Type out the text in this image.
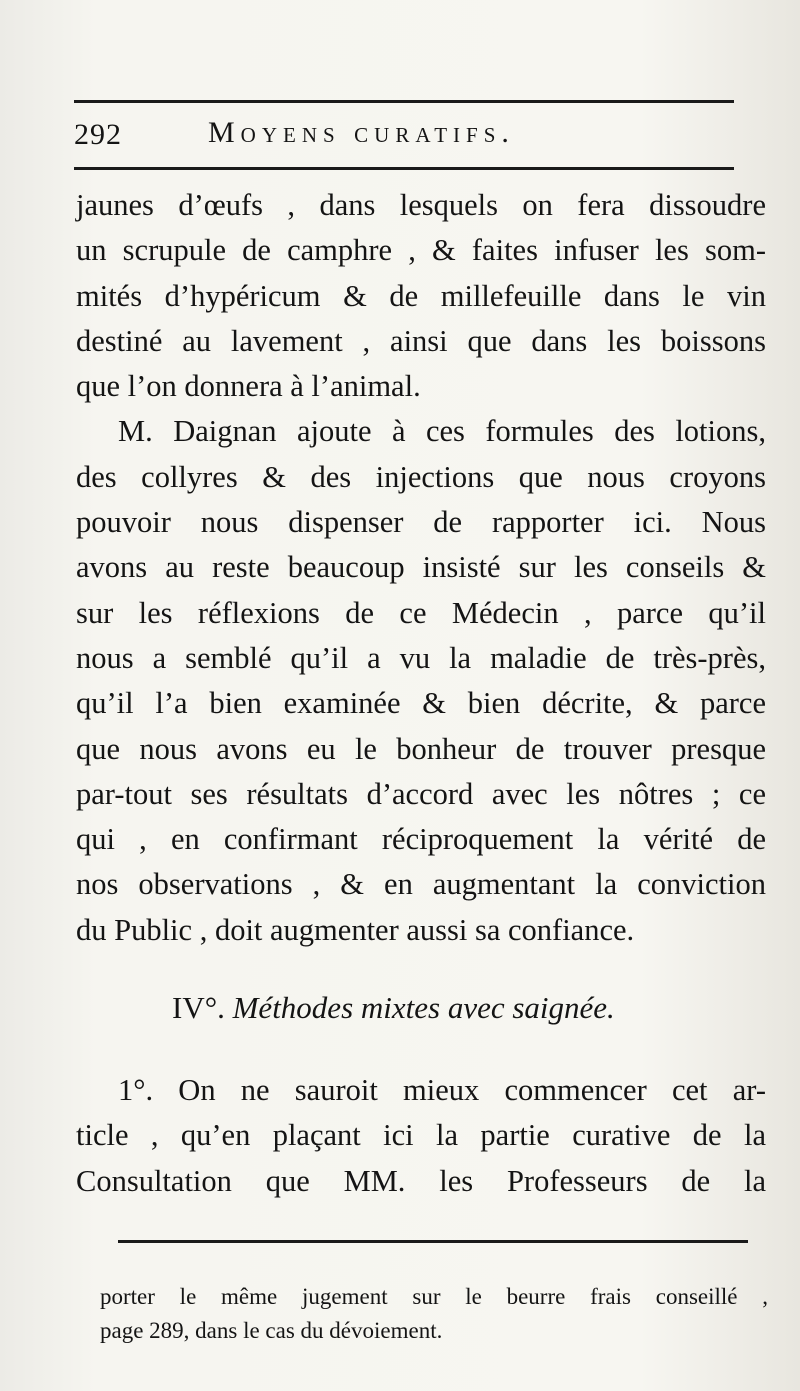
292	Moyens curatifs.
jaunes d’œufs , dans lesquels on fera dissoudre
un scrupule de camphre , & faites infuser les som-
mités d’hypéricum & de millefeuille dans le vin
destiné au lavement , ainsi que dans les boissons
que l’on donnera à l’animal.
M. Daignan ajoute à ces formules des lotions,
des collyres & des injections que nous croyons
pouvoir nous dispenser de rapporter ici. Nous
avons au reste beaucoup insisté sur les conseils &
sur les réflexions de ce Médecin , parce qu’il
nous a semblé qu’il a vu la maladie de très-près,
qu’il l’a bien examinée & bien décrite, & parce
que nous avons eu le bonheur de trouver presque
par-tout ses résultats d’accord avec les nôtres ; ce
qui , en confirmant réciproquement la vérité de
nos observations , & en augmentant la conviction
du Public , doit augmenter aussi sa confiance.
IV°. Méthodes mixtes avec saignée.
1°. On ne sauroit mieux commencer cet ar-
ticle , qu’en plaçant ici la partie curative de la
Consultation que MM. les Professeurs de la
porter le même jugement sur le beurre frais conseillé ,
page 289, dans le cas du dévoiement.
